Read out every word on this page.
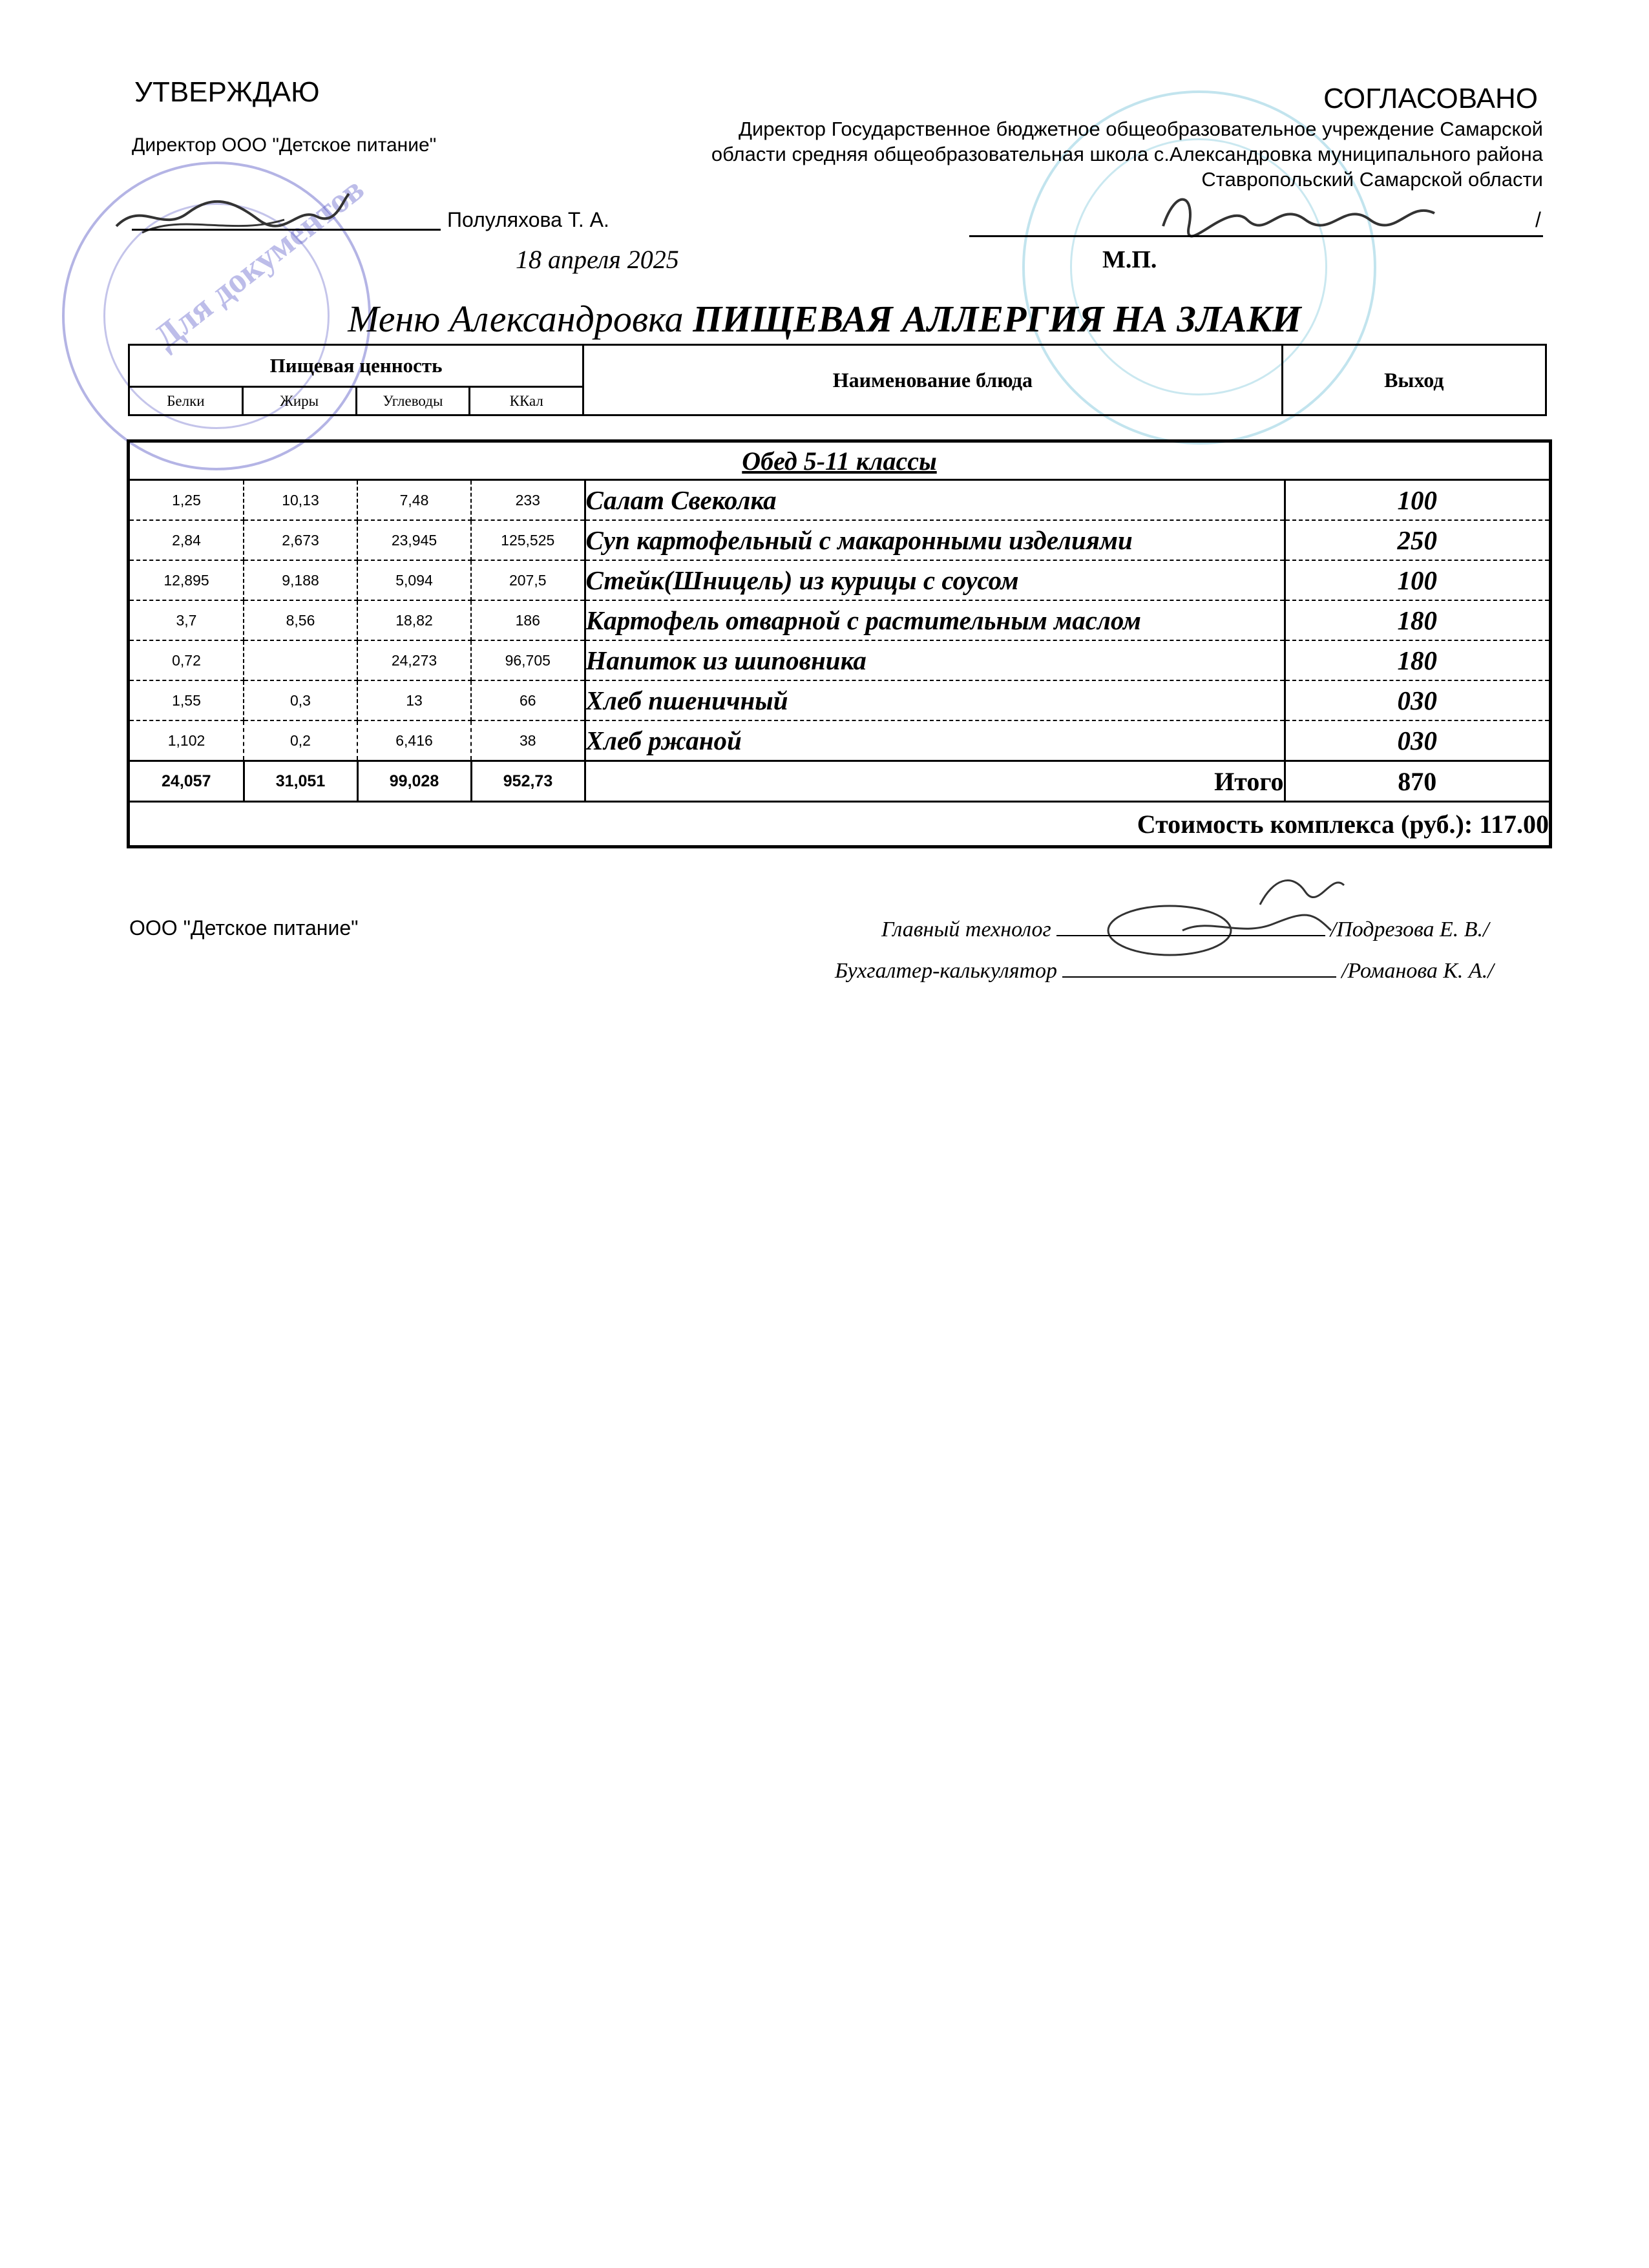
Для документов
УТВЕРЖДАЮ
Директор ООО "Детское питание"
Полуляхова Т. А.
18 апреля 2025
СОГЛАСОВАНО
Директор Государственное бюджетное общеобразовательное учреждение Самарской области средняя общеобразовательная школа с.Александровка муниципального района Ставропольский Самарской области
/
М.П.
Меню Александровка ПИЩЕВАЯ АЛЛЕРГИЯ НА ЗЛАКИ
Пищевая ценность				Наименование блюда	Выход
Белки	Жиры	Углеводы	ККал		
Обед 5-11 классы					
1,25	10,13	7,48	233	Салат Свеколка	100
2,84	2,673	23,945	125,525	Суп картофельный с макаронными изделиями	250
12,895	9,188	5,094	207,5	Стейк(Шницель) из курицы с соусом	100
3,7	8,56	18,82	186	Картофель отварной с растительным маслом	180
0,72		24,273	96,705	Напиток из шиповника	180
1,55	0,3	13	66	Хлеб пшеничный	030
1,102	0,2	6,416	38	Хлеб ржаной	030
24,057	31,051	99,028	952,73	Итого	870
Стоимость комплекса (руб.): 117.00					
ООО "Детское питание"	Главный технолог	/Подрезова Е. В./
Бухгалтер-калькулятор	/Романова К. А./
